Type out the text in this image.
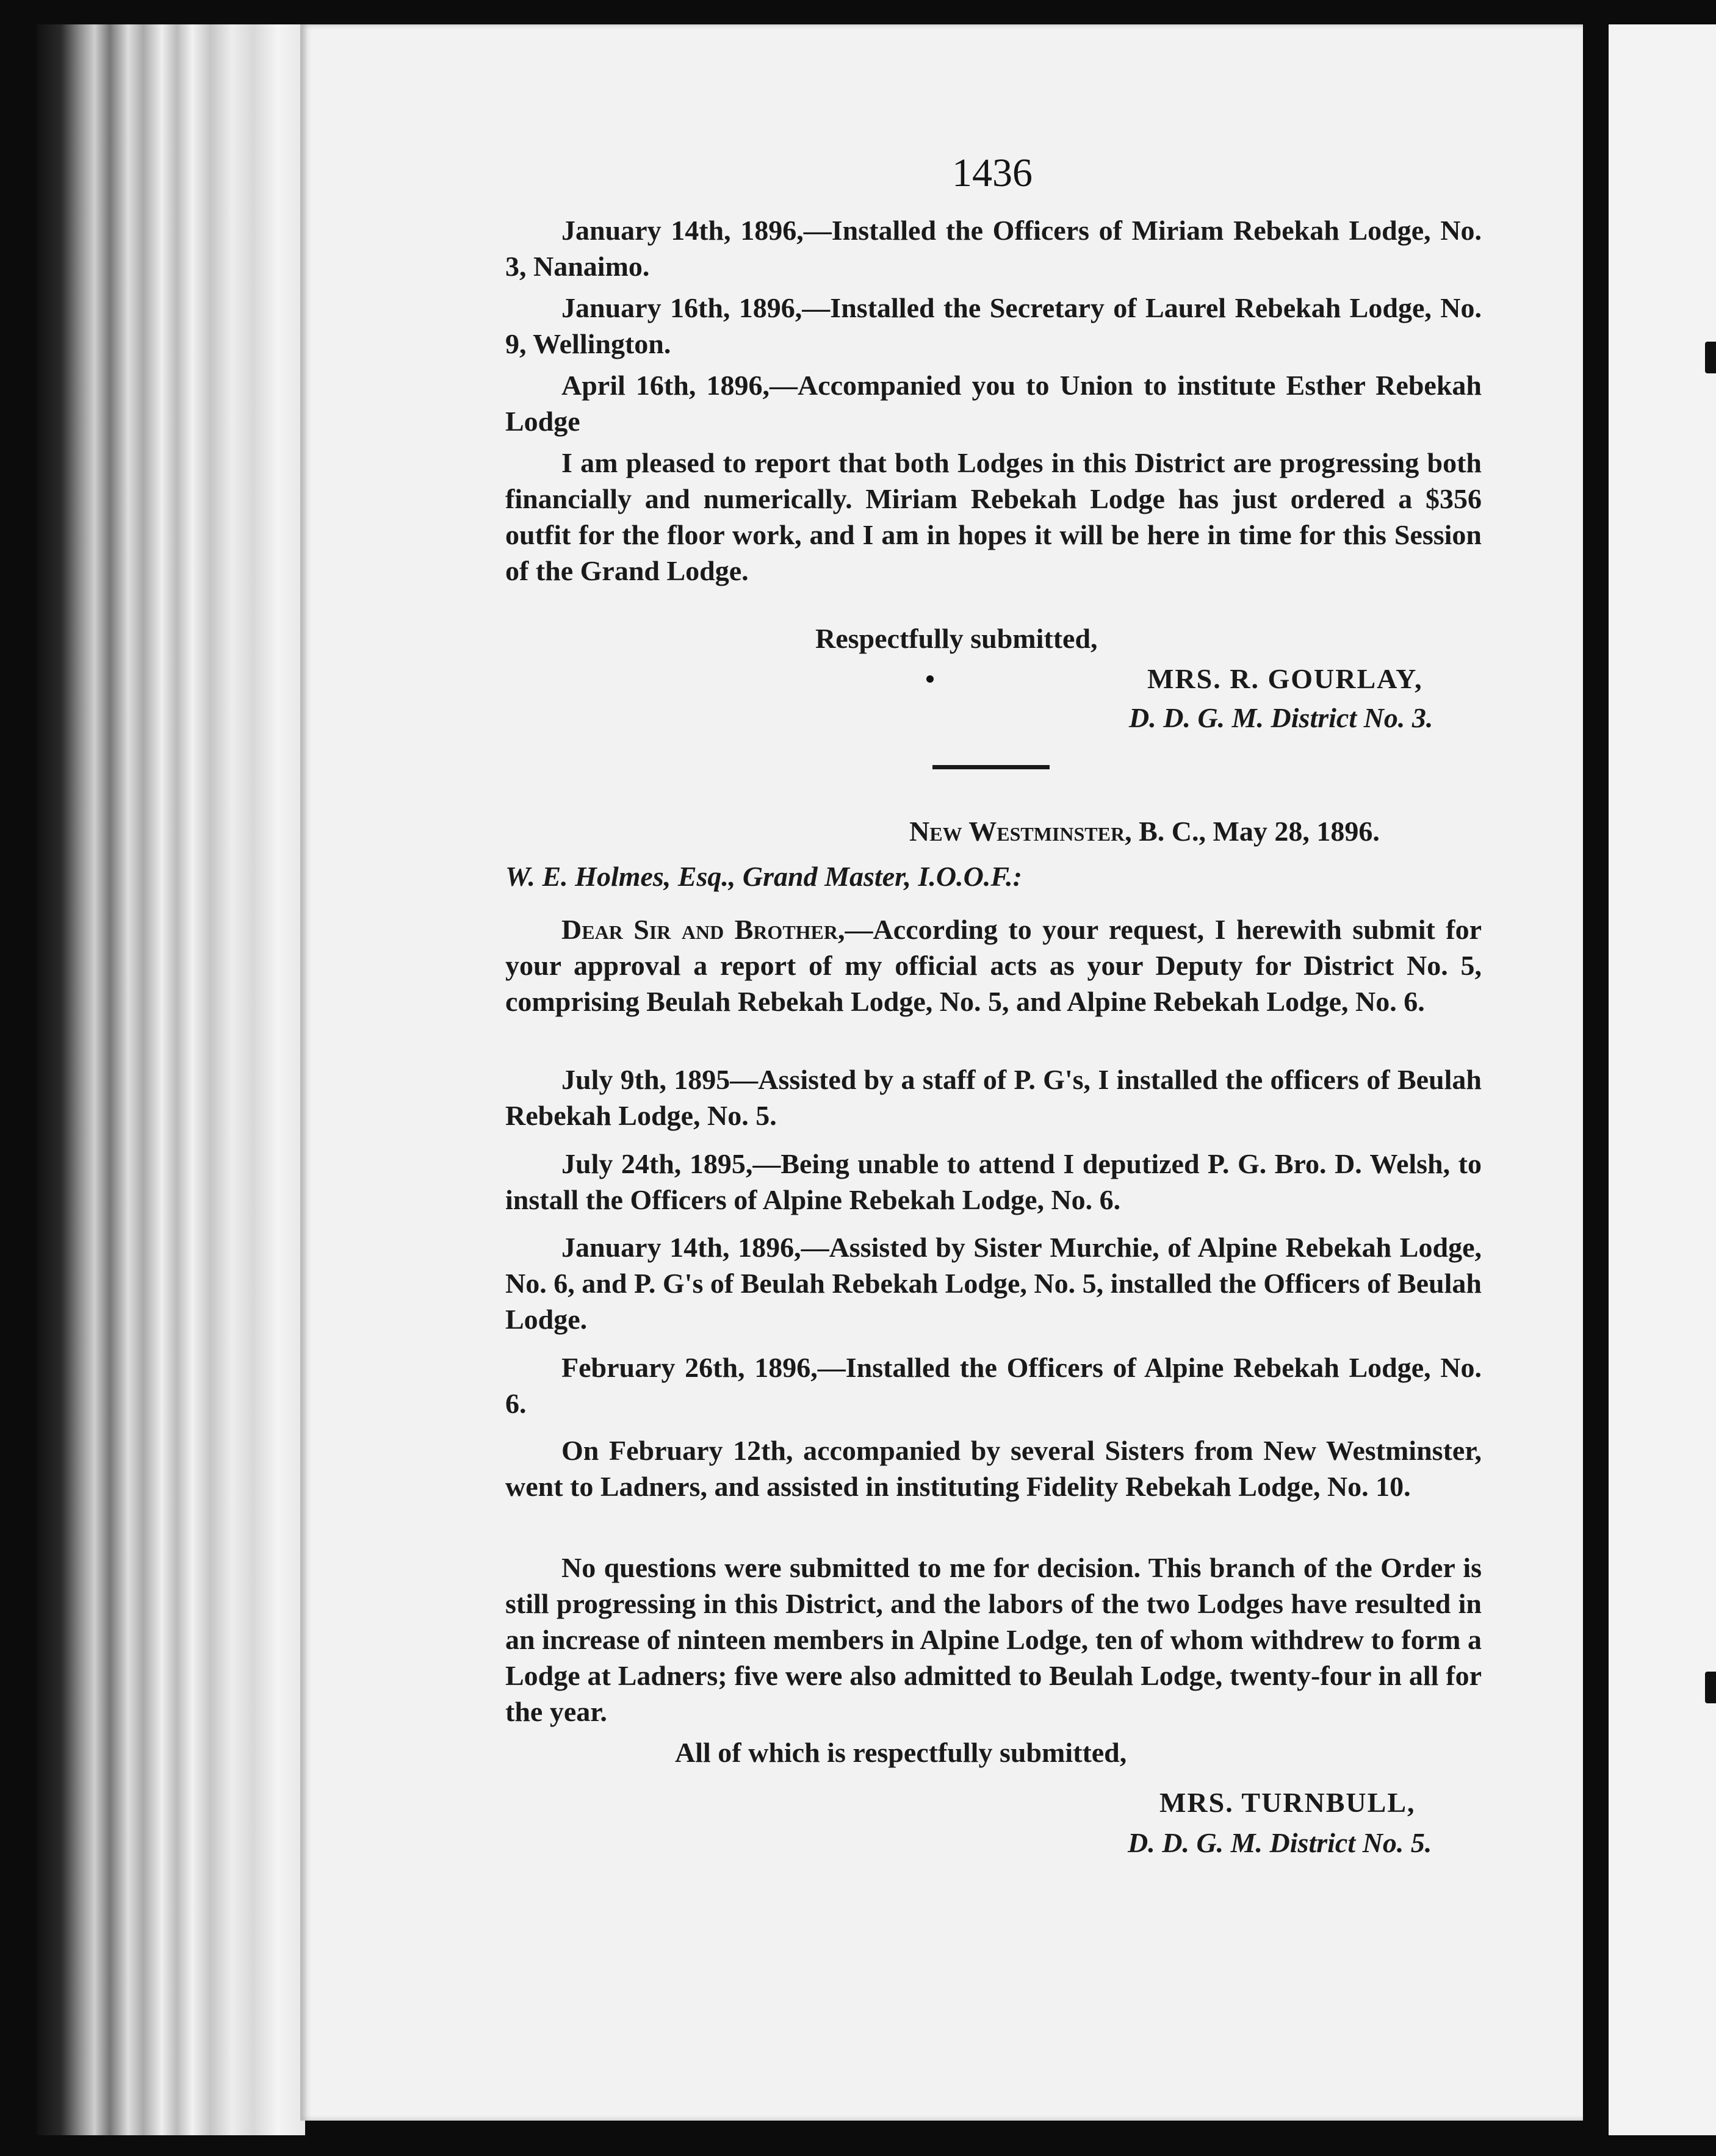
1436

January 14th, 1896,—Installed the Officers of Miriam Rebekah Lodge, No. 3, Nanaimo.

January 16th, 1896,—Installed the Secretary of Laurel Rebekah Lodge, No. 9, Wellington.

April 16th, 1896,—Accompanied you to Union to institute Esther Rebekah Lodge

I am pleased to report that both Lodges in this District are progressing both financially and numerically. Miriam Rebekah Lodge has just ordered a $356 outfit for the floor work, and I am in hopes it will be here in time for this Session of the Grand Lodge.

Respectfully submitted,
MRS. R. GOURLAY,
D. D. G. M. District No. 3.
New Westminster, B. C., May 28, 1896.
W. E. Holmes, Esq., Grand Master, I.O.O.F.:

Dear Sir and Brother,—According to your request, I herewith submit for your approval a report of my official acts as your Deputy for District No. 5, comprising Beulah Rebekah Lodge, No. 5, and Alpine Rebekah Lodge, No. 6.

July 9th, 1895—Assisted by a staff of P. G's, I installed the officers of Beulah Rebekah Lodge, No. 5.

July 24th, 1895,—Being unable to attend I deputized P. G. Bro. D. Welsh, to install the Officers of Alpine Rebekah Lodge, No. 6.

January 14th, 1896,—Assisted by Sister Murchie, of Alpine Rebekah Lodge, No. 6, and P. G's of Beulah Rebekah Lodge, No. 5, installed the Officers of Beulah Lodge.

February 26th, 1896,—Installed the Officers of Alpine Rebekah Lodge, No. 6.

On February 12th, accompanied by several Sisters from New Westminster, went to Ladners, and assisted in instituting Fidelity Rebekah Lodge, No. 10.

No questions were submitted to me for decision. This branch of the Order is still progressing in this District, and the labors of the two Lodges have resulted in an increase of ninteen members in Alpine Lodge, ten of whom withdrew to form a Lodge at Ladners; five were also admitted to Beulah Lodge, twenty-four in all for the year.

All of which is respectfully submitted,
MRS. TURNBULL,
D. D. G. M. District No. 5.
